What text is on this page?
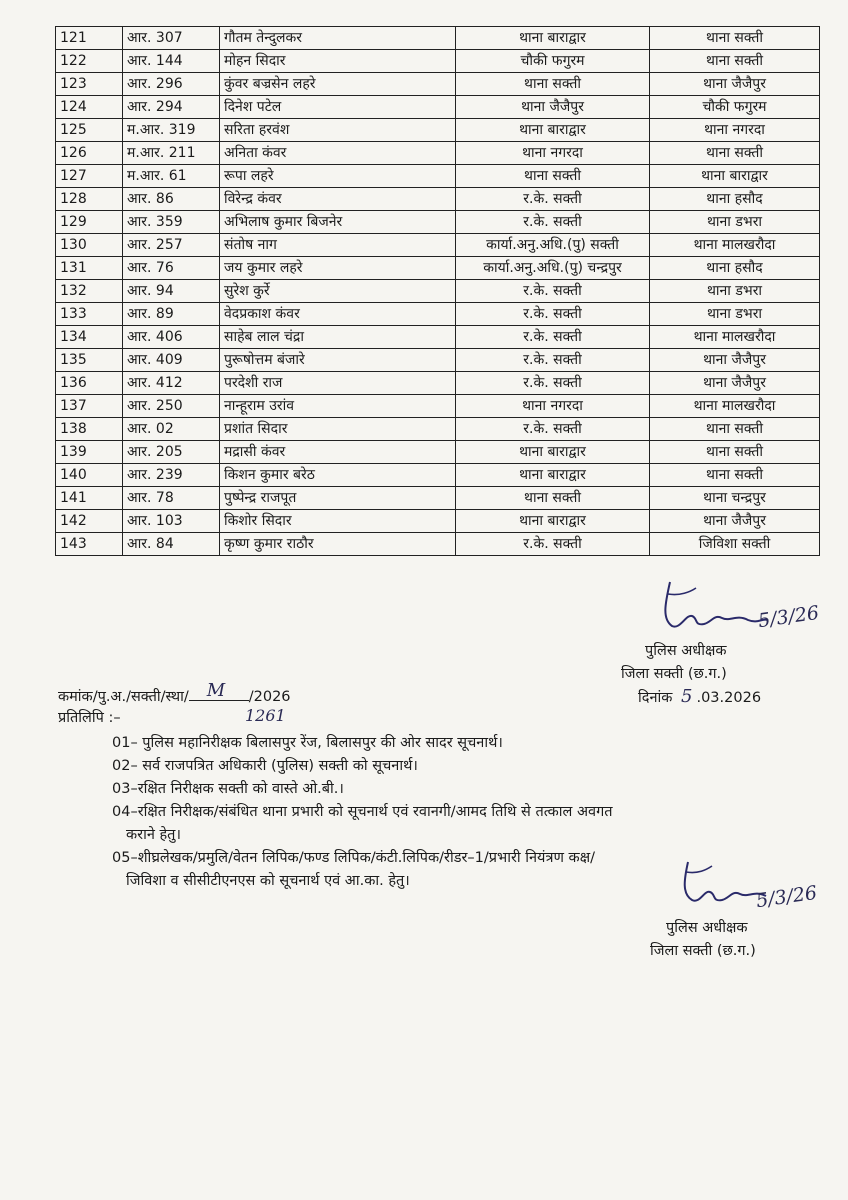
121	आर. 307	गौतम तेन्दुलकर	थाना बाराद्वार	थाना सक्ती
122	आर. 144	मोहन सिदार	चौकी फगुरम	थाना सक्ती
123	आर. 296	कुंवर बज्रसेन लहरे	थाना सक्ती	थाना जैजैपुर
124	आर. 294	दिनेश पटेल	थाना जैजैपुर	चौकी फगुरम
125	म.आर. 319	सरिता हरवंश	थाना बाराद्वार	थाना नगरदा
126	म.आर. 211	अनिता कंवर	थाना नगरदा	थाना सक्ती
127	म.आर. 61	रूपा लहरे	थाना सक्ती	थाना बाराद्वार
128	आर. 86	विरेन्द्र कंवर	र.के. सक्ती	थाना हसौद
129	आर. 359	अभिलाष कुमार बिजनेर	र.के. सक्ती	थाना डभरा
130	आर. 257	संतोष नाग	कार्या.अनु.अधि.(पु) सक्ती	थाना मालखरौदा
131	आर. 76	जय कुमार लहरे	कार्या.अनु.अधि.(पु) चन्द्रपुर	थाना हसौद
132	आर. 94	सुरेश कुर्रे	र.के. सक्ती	थाना डभरा
133	आर. 89	वेदप्रकाश कंवर	र.के. सक्ती	थाना डभरा
134	आर. 406	साहेब लाल चंद्रा	र.के. सक्ती	थाना मालखरौदा
135	आर. 409	पुरूषोत्तम बंजारे	र.के. सक्ती	थाना जैजैपुर
136	आर. 412	परदेशी राज	र.के. सक्ती	थाना जैजैपुर
137	आर. 250	नान्हूराम उरांव	थाना नगरदा	थाना मालखरौदा
138	आर. 02	प्रशांत सिदार	र.के. सक्ती	थाना सक्ती
139	आर. 205	मद्रासी कंवर	थाना बाराद्वार	थाना सक्ती
140	आर. 239	किशन कुमार बरेठ	थाना बाराद्वार	थाना सक्ती
141	आर. 78	पुष्पेन्द्र राजपूत	थाना सक्ती	थाना चन्द्रपुर
142	आर. 103	किशोर सिदार	थाना बाराद्वार	थाना जैजैपुर
143	आर. 84	कृष्ण कुमार राठौर	र.के. सक्ती	जिविशा सक्ती
5/3/26
पुलिस अधीक्षक
जिला सक्ती (छ.ग.)
दिनांक 5 .03.2026
कमांक/पु.अ./सक्ती/स्था/ M /2026
प्रतिलिपि :–	1261

01– पुलिस महानिरीक्षक बिलासपुर रेंज, बिलासपुर की ओर सादर सूचनार्थ।

02– सर्व राजपत्रित अधिकारी (पुलिस) सक्ती को सूचनार्थ।

03–रक्षित निरीक्षक सक्ती को वास्ते ओ.बी.।

04–रक्षित निरीक्षक/संबंधित थाना प्रभारी को सूचनार्थ एवं रवानगी/आमद तिथि से तत्काल अवगत

कराने हेतु।

05–शीघ्रलेखक/प्रमुलि/वेतन लिपिक/फण्ड लिपिक/कंटी.लिपिक/रीडर–1/प्रभारी नियंत्रण कक्ष/

जिविशा व सीसीटीएनएस को सूचनार्थ एवं आ.का. हेतु।

5/3/26
पुलिस अधीक्षक
जिला सक्ती (छ.ग.)
